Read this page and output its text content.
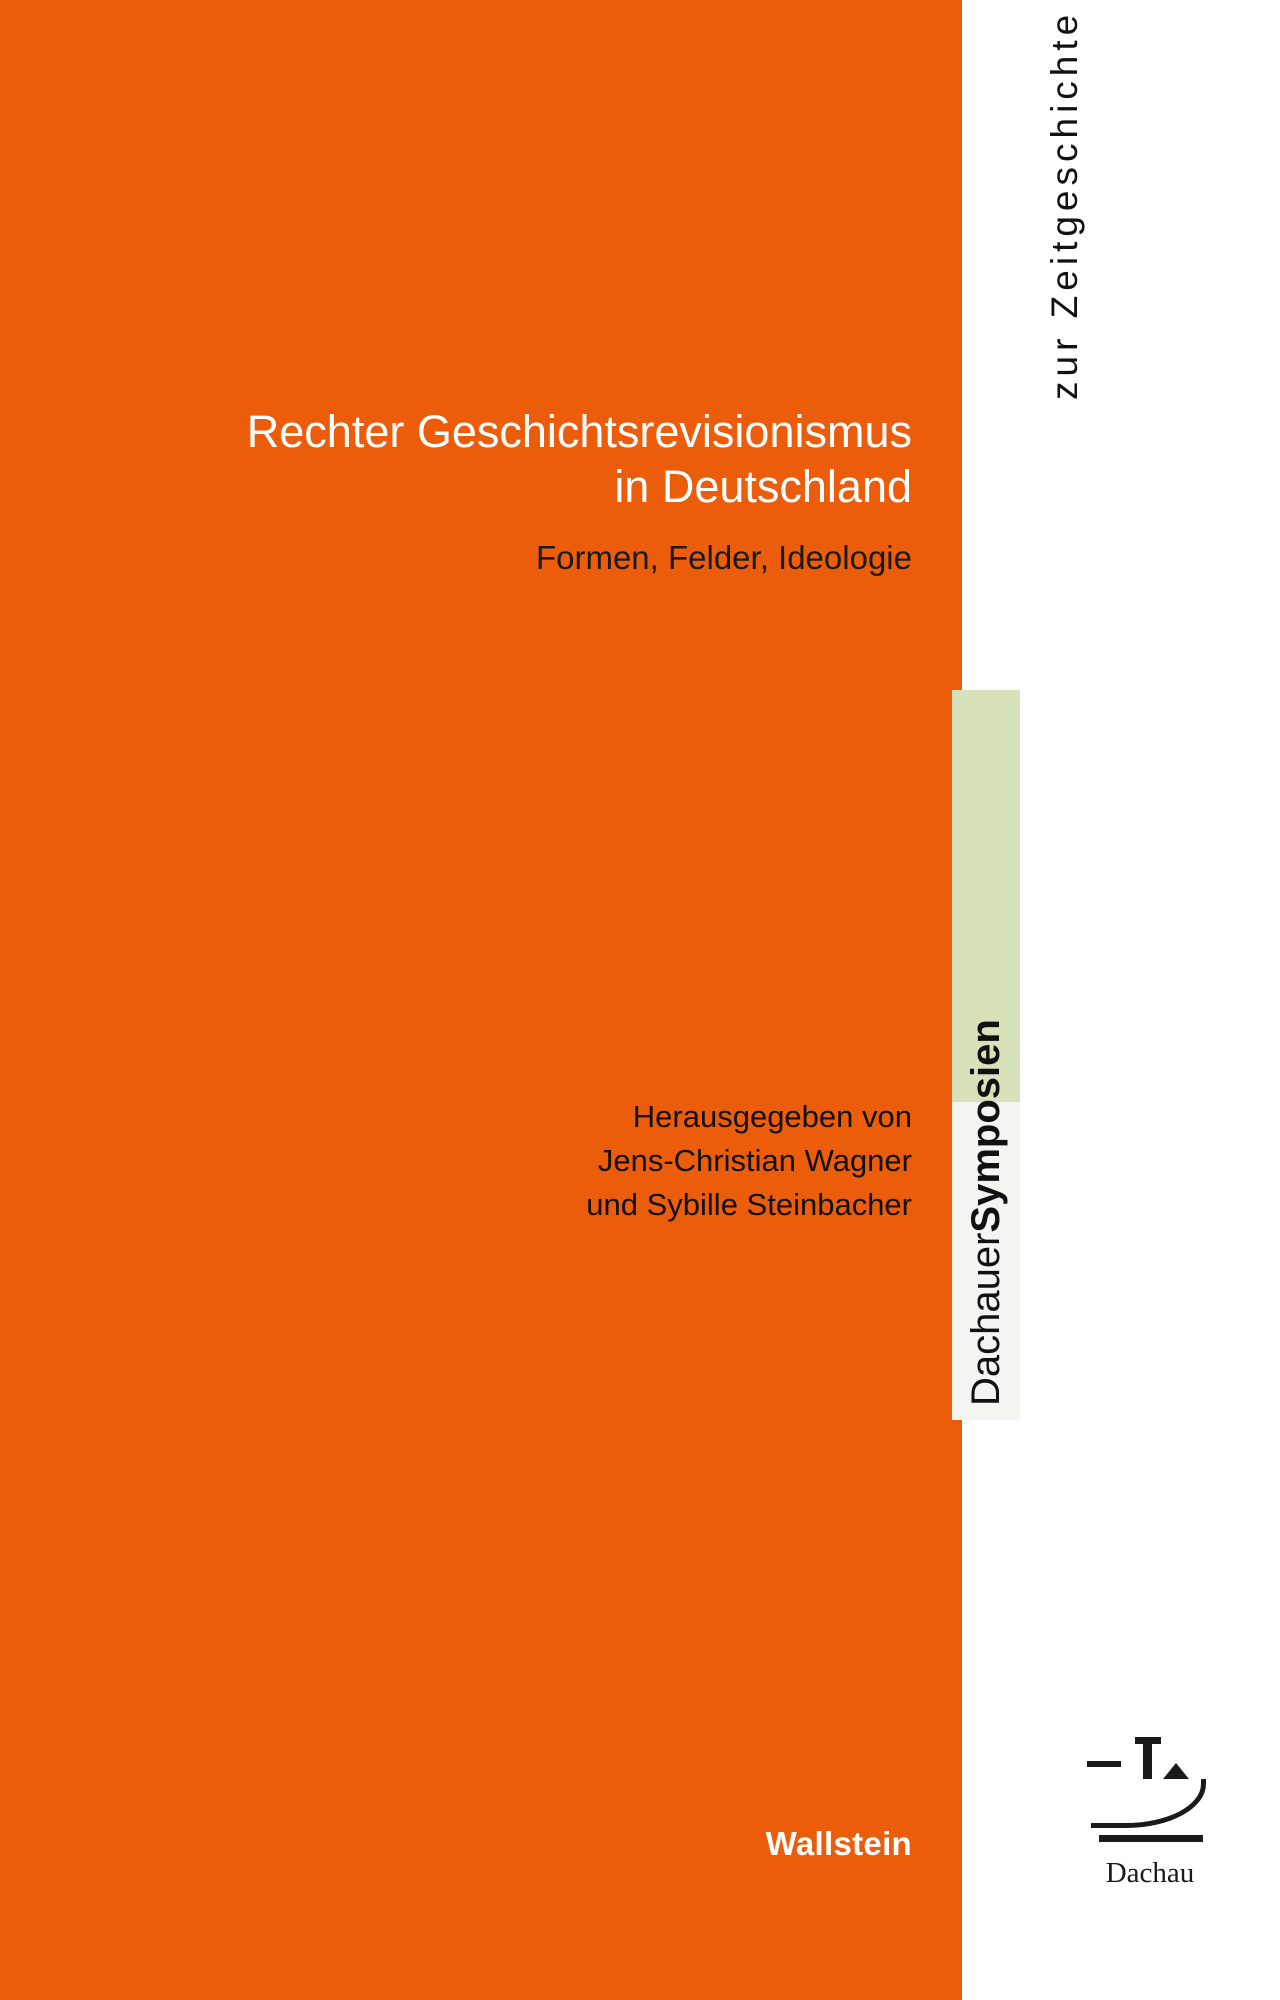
Rechter Geschichtsrevisionismus
in Deutschland

Formen, Felder, Ideologie

Herausgegeben von
Jens-Christian Wagner
und Sybille Steinbacher
Wallstein
Dachauer
Symposien
zur Zeitgeschichte
Dachau
